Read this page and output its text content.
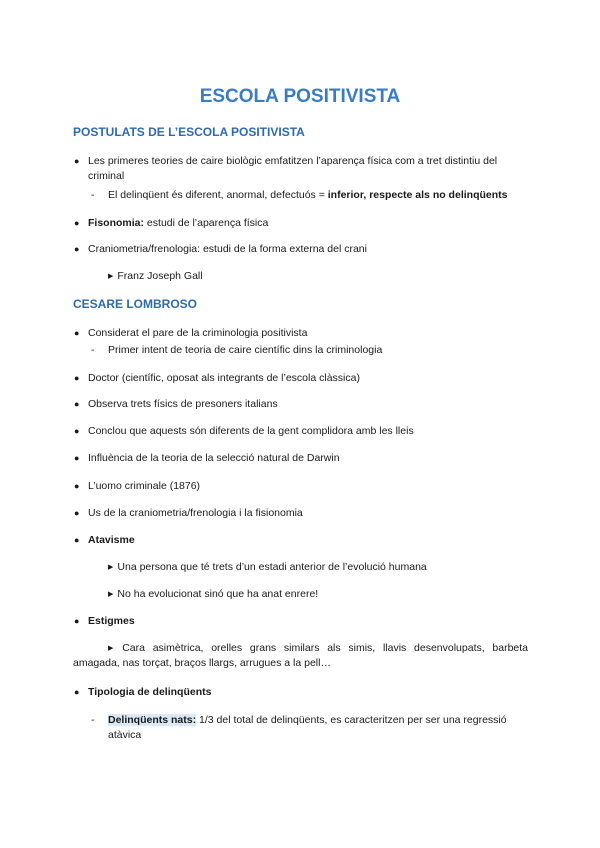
ESCOLA POSITIVISTA
POSTULATS DE L’ESCOLA POSITIVISTA
● Les primeres teories de caire biològic emfatitzen l’aparença física com a tret distintiu del
criminal
- El delinqüent és diferent, anormal, defectuós = inferior, respecte als no delinqüents
● Fisonomia: estudi de l’aparença física
● Craniometria/frenologia: estudi de la forma externa del crani
▶ Franz Joseph Gall
CESARE LOMBROSO
● Considerat el pare de la criminologia positivista
- Primer intent de teoria de caire científic dins la criminologia
● Doctor (científic, oposat als integrants de l’escola clàssica)
● Observa trets físics de presoners italians
● Conclou que aquests són diferents de la gent complidora amb les lleis
● Influència de la teoria de la selecció natural de Darwin
● L’uomo criminale (1876)
● Us de la craniometria/frenologia i la fisionomia
● Atavisme
▶ Una persona que té trets d’un estadi anterior de l’evolució humana
▶ No ha evolucionat sinó que ha anat enrere!
● Estigmes
▶ Cara asimètrica, orelles grans similars als simis, llavis desenvolupats, barbeta
amagada, nas torçat, braços llargs, arrugues a la pell…
● Tipologia de delinqüents
- Delinqüents nats: 1/3 del total de delinqüents, es caracteritzen per ser una regressió
atàvica
